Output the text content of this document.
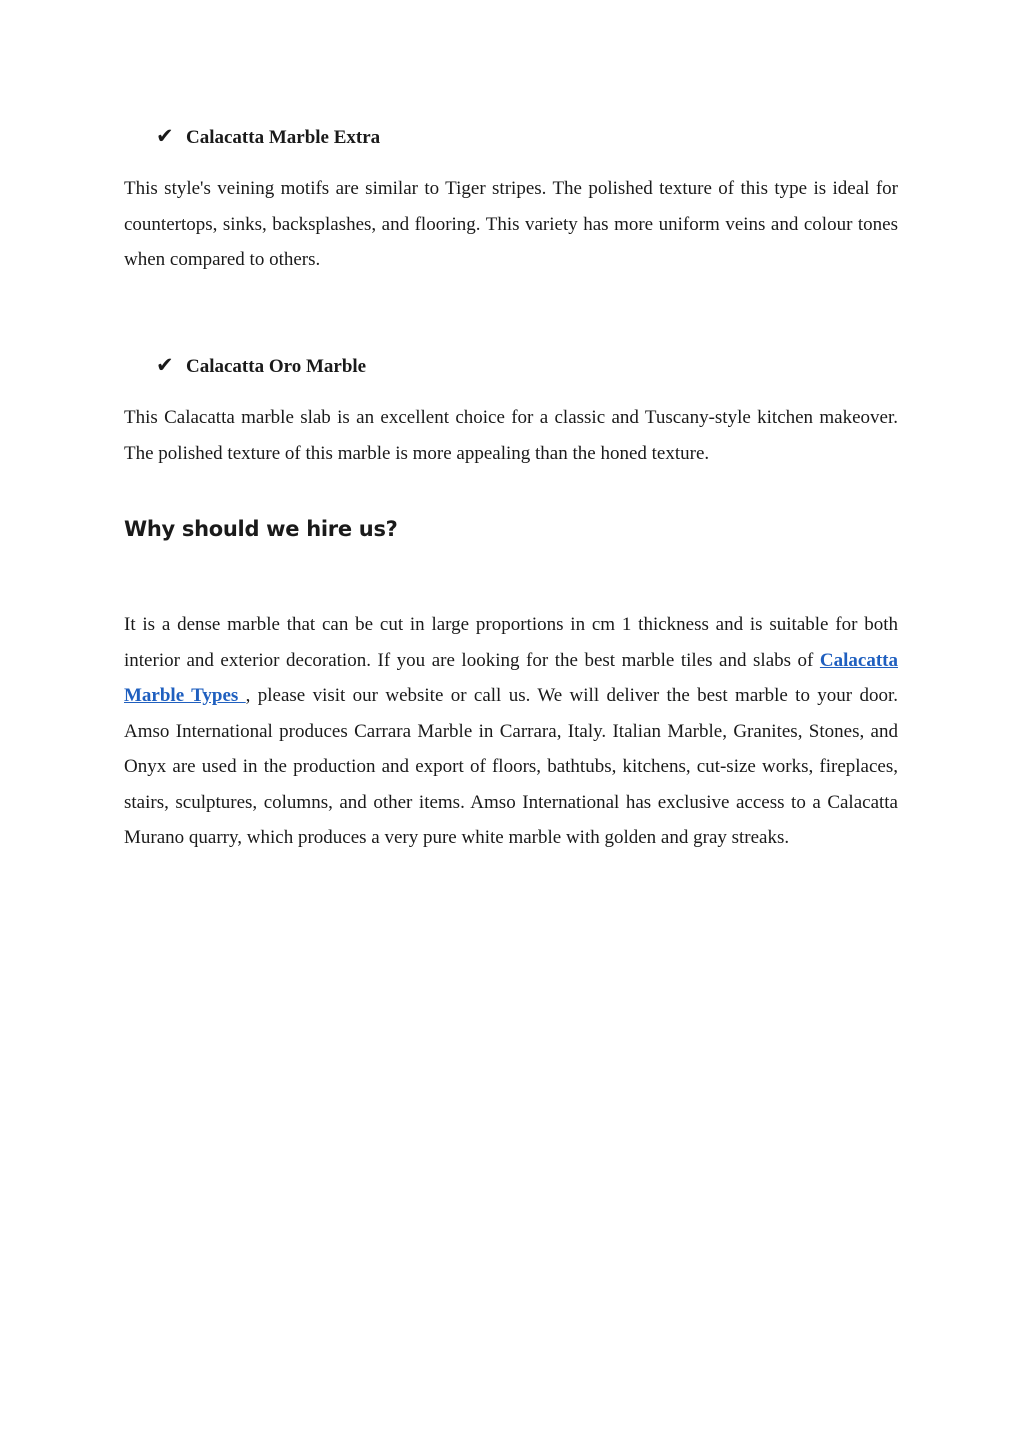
✔ Calacatta Marble Extra

This style's veining motifs are similar to Tiger stripes. The polished texture of this type is ideal for countertops, sinks, backsplashes, and flooring. This variety has more uniform veins and colour tones when compared to others.

✔ Calacatta Oro Marble

This Calacatta marble slab is an excellent choice for a classic and Tuscany-style kitchen makeover. The polished texture of this marble is more appealing than the honed texture.

Why should we hire us?

It is a dense marble that can be cut in large proportions in cm 1 thickness and is suitable for both interior and exterior decoration. If you are looking for the best marble tiles and slabs of Calacatta Marble Types , please visit our website or call us. We will deliver the best marble to your door. Amso International produces Carrara Marble in Carrara, Italy. Italian Marble, Granites, Stones, and Onyx are used in the production and export of floors, bathtubs, kitchens, cut-size works, fireplaces, stairs, sculptures, columns, and other items. Amso International has exclusive access to a Calacatta Murano quarry, which produces a very pure white marble with golden and gray streaks.
